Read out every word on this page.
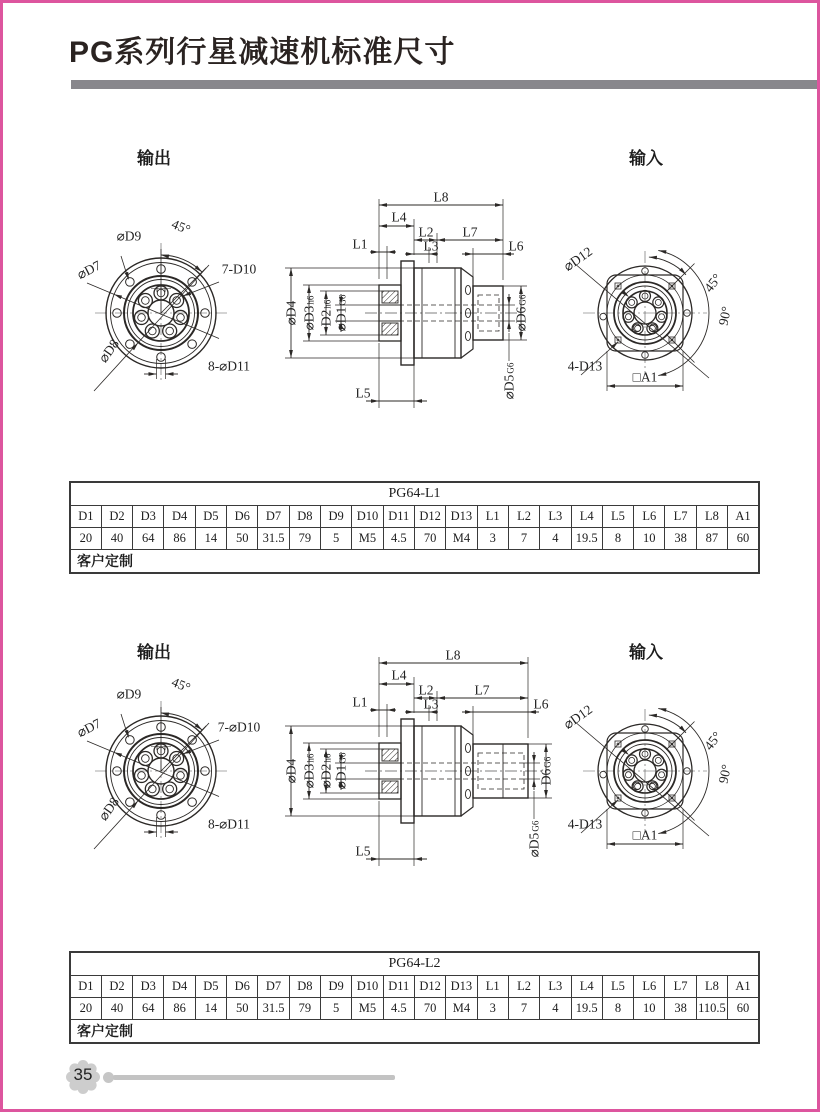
PG系列行星减速机标准尺寸
输出	输入
⌀D9 45°
⌀D7	7-D10
⌀D8
8-⌀D11
L8
L4
L1
L2
L3
L7
L6
L5
⌀D4 ⌀D3h6
D2h6
⌀D1G6
⌀D6G6
⌀D5G6
⌀D12
45°
90°
4-D13
□A1
PG64-L1																					
D1	D2	D3	D4	D5	D6	D7	D8	D9	D10	D11	D12	D13	L1	L2	L3	L4	L5	L6	L7	L8	A1
20	40	64	86	14	50	31.5	79	5	M5	4.5	70	M4	3	7	4	19.5	8	10	38	87	60
客户定制																					
输出	输入
⌀D9 45°
⌀D7	7-⌀D10
⌀D8
8-⌀D11
L8
L4
L1
L2
L3
L7
L6
L5
⌀D4 ⌀D3h6
⌀D2h6
⌀D1G6
D6G6
⌀D5G6
⌀D12
45°
90°
4-D13
□A1
PG64-L2																					
D1	D2	D3	D4	D5	D6	D7	D8	D9	D10	D11	D12	D13	L1	L2	L3	L4	L5	L6	L7	L8	A1
20	40	64	86	14	50	31.5	79	5	M5	4.5	70	M4	3	7	4	19.5	8	10	38	110.5	60
客户定制																					
35
